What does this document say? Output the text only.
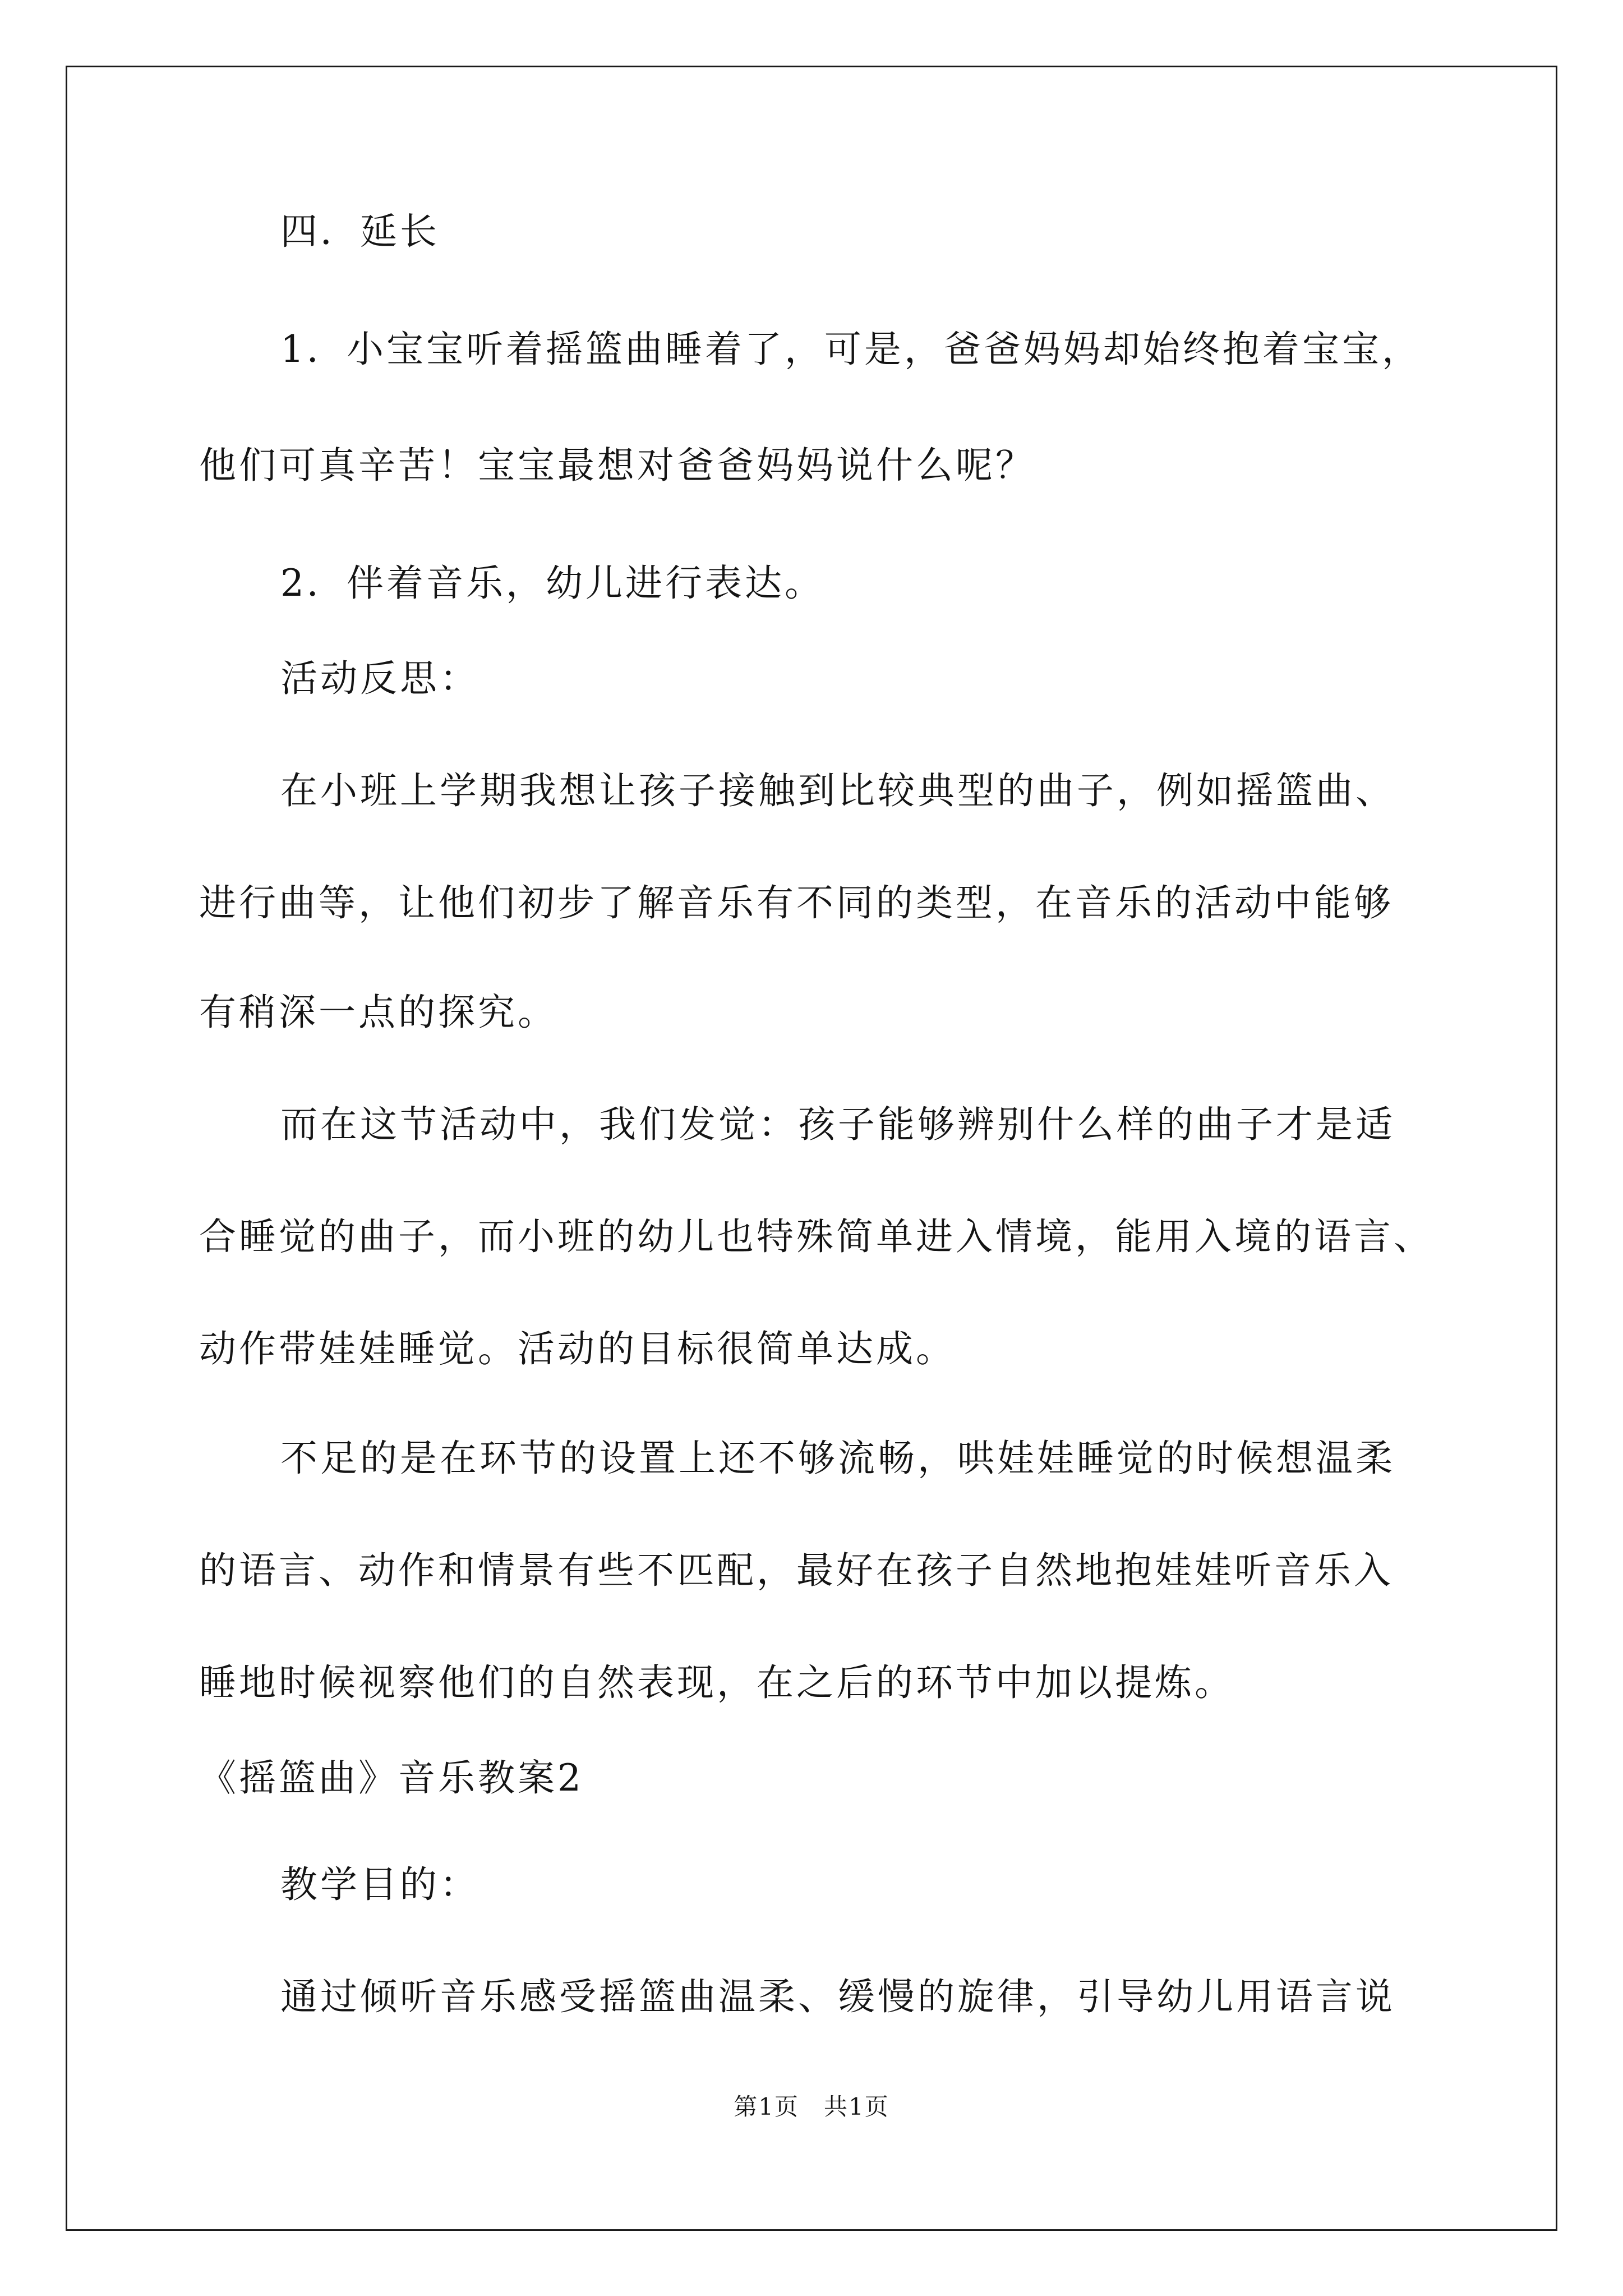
四．延长
1．小宝宝听着摇篮曲睡着了，可是，爸爸妈妈却始终抱着宝宝，
他们可真辛苦！宝宝最想对爸爸妈妈说什么呢？
2．伴着音乐，幼儿进行表达。
活动反思：
在小班上学期我想让孩子接触到比较典型的曲子，例如摇篮曲、
进行曲等，让他们初步了解音乐有不同的类型，在音乐的活动中能够
有稍深一点的探究。
而在这节活动中，我们发觉：孩子能够辨别什么样的曲子才是适
合睡觉的曲子，而小班的幼儿也特殊简单进入情境，能用入境的语言、
动作带娃娃睡觉。活动的目标很简单达成。
不足的是在环节的设置上还不够流畅，哄娃娃睡觉的时候想温柔
的语言、动作和情景有些不匹配，最好在孩子自然地抱娃娃听音乐入
睡地时候视察他们的自然表现，在之后的环节中加以提炼。
《摇篮曲》音乐教案2
教学目的：
通过倾听音乐感受摇篮曲温柔、缓慢的旋律，引导幼儿用语言说
第1页　共1页
